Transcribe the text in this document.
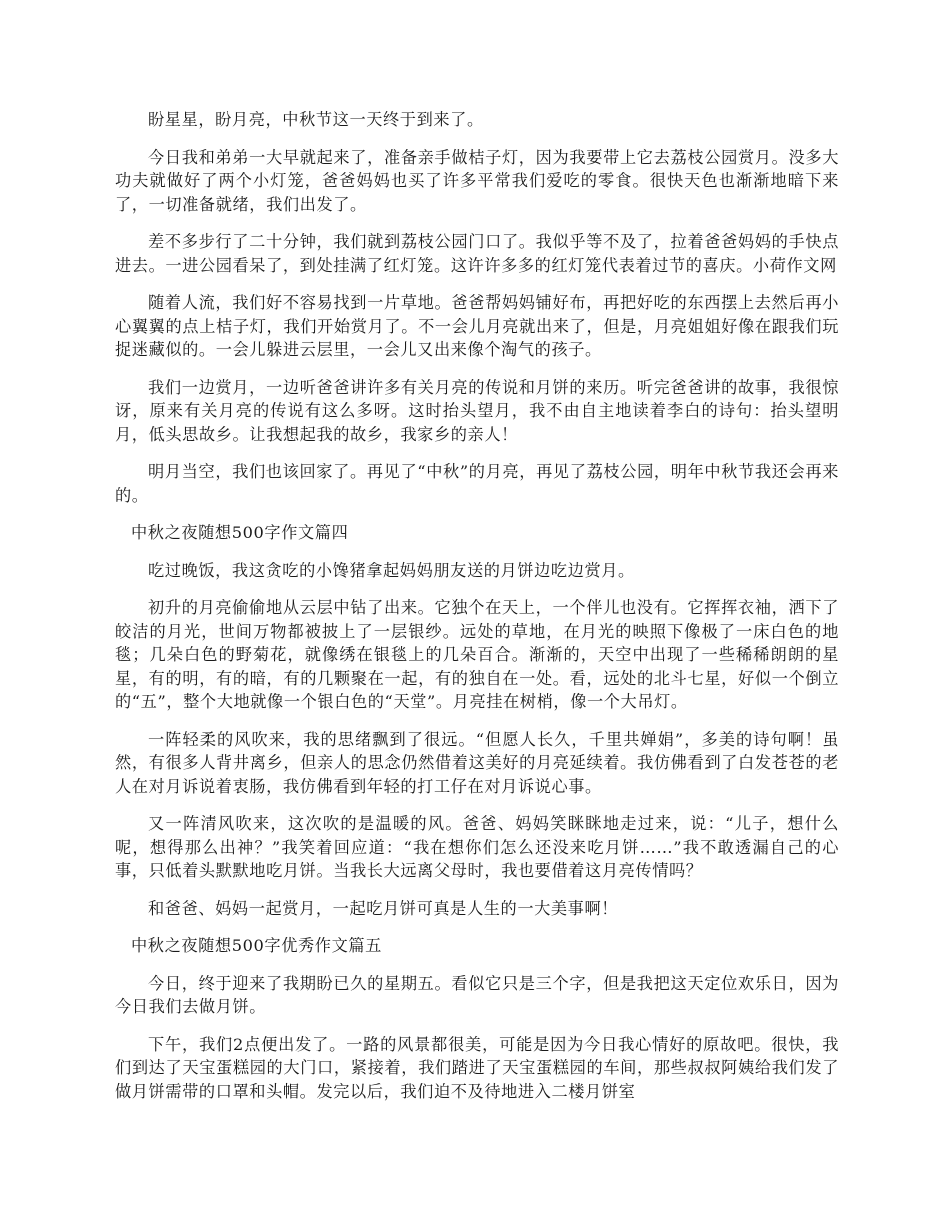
盼星星，盼月亮，中秋节这一天终于到来了。

今日我和弟弟一大早就起来了，准备亲手做桔子灯，因为我要带上它去荔枝公园赏月。没多大功夫就做好了两个小灯笼，爸爸妈妈也买了许多平常我们爱吃的零食。很快天色也渐渐地暗下来了，一切准备就绪，我们出发了。

差不多步行了二十分钟，我们就到荔枝公园门口了。我似乎等不及了，拉着爸爸妈妈的手快点进去。一进公园看呆了，到处挂满了红灯笼。这许许多多的红灯笼代表着过节的喜庆。小荷作文网

随着人流，我们好不容易找到一片草地。爸爸帮妈妈铺好布，再把好吃的东西摆上去然后再小心翼翼的点上桔子灯，我们开始赏月了。不一会儿月亮就出来了，但是，月亮姐姐好像在跟我们玩捉迷藏似的。一会儿躲进云层里，一会儿又出来像个淘气的孩子。

我们一边赏月，一边听爸爸讲许多有关月亮的传说和月饼的来历。听完爸爸讲的故事，我很惊讶，原来有关月亮的传说有这么多呀。这时抬头望月，我不由自主地读着李白的诗句：抬头望明月，低头思故乡。让我想起我的故乡，我家乡的亲人！

明月当空，我们也该回家了。再见了“中秋”的月亮，再见了荔枝公园，明年中秋节我还会再来的。

中秋之夜随想500字作文篇四

吃过晚饭，我这贪吃的小馋猪拿起妈妈朋友送的月饼边吃边赏月。

初升的月亮偷偷地从云层中钻了出来。它独个在天上，一个伴儿也没有。它挥挥衣袖，洒下了皎洁的月光，世间万物都被披上了一层银纱。远处的草地，在月光的映照下像极了一床白色的地毯；几朵白色的野菊花，就像绣在银毯上的几朵百合。渐渐的，天空中出现了一些稀稀朗朗的星星，有的明，有的暗，有的几颗聚在一起，有的独自在一处。看，远处的北斗七星，好似一个倒立的“五”，整个大地就像一个银白色的“天堂”。月亮挂在树梢，像一个大吊灯。

一阵轻柔的风吹来，我的思绪飘到了很远。“但愿人长久，千里共婵娟”，多美的诗句啊！虽然，有很多人背井离乡，但亲人的思念仍然借着这美好的月亮延续着。我仿佛看到了白发苍苍的老人在对月诉说着衷肠，我仿佛看到年轻的打工仔在对月诉说心事。

又一阵清风吹来，这次吹的是温暖的风。爸爸、妈妈笑眯眯地走过来，说：“儿子，想什么呢，想得那么出神？”我笑着回应道：“我在想你们怎么还没来吃月饼……”我不敢透漏自己的心事，只低着头默默地吃月饼。当我长大远离父母时，我也要借着这月亮传情吗？

和爸爸、妈妈一起赏月，一起吃月饼可真是人生的一大美事啊！

中秋之夜随想500字优秀作文篇五

今日，终于迎来了我期盼已久的星期五。看似它只是三个字，但是我把这天定位欢乐日，因为今日我们去做月饼。

下午，我们2点便出发了。一路的风景都很美，可能是因为今日我心情好的原故吧。很快，我们到达了天宝蛋糕园的大门口，紧接着，我们踏进了天宝蛋糕园的车间，那些叔叔阿姨给我们发了做月饼需带的口罩和头帽。发完以后，我们迫不及待地进入二楼月饼室
